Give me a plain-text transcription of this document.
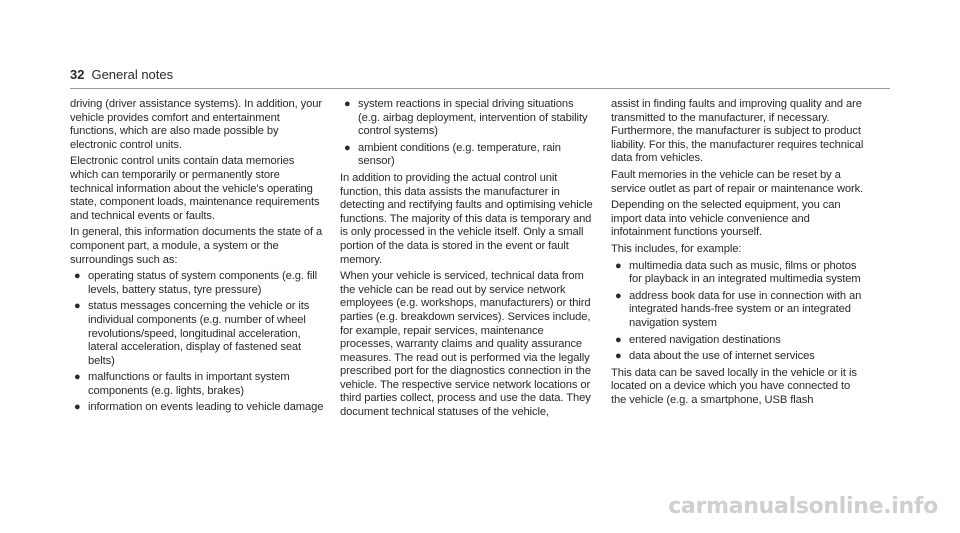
32 General notes

driving (driver assistance systems). In addition, your vehicle provides comfort and entertainment functions, which are also made possible by electronic control units.

Electronic control units contain data memories which can temporarily or permanently store technical information about the vehicle's operating state, component loads, maintenance requirements and technical events or faults.

In general, this information documents the state of a component part, a module, a system or the surroundings such as:

● operating status of system components (e.g. fill levels, battery status, tyre pressure)
● status messages concerning the vehicle or its individual components (e.g. number of wheel revolutions/speed, longitudinal acceleration, lateral acceleration, display of fastened seat belts)
● malfunctions or faults in important system components (e.g. lights, brakes)
● information on events leading to vehicle damage
● system reactions in special driving situations (e.g. airbag deployment, intervention of stability control systems)
● ambient conditions (e.g. temperature, rain sensor)

In addition to providing the actual control unit function, this data assists the manufacturer in detecting and rectifying faults and optimising vehicle functions. The majority of this data is temporary and is only processed in the vehicle itself. Only a small portion of the data is stored in the event or fault memory.

When your vehicle is serviced, technical data from the vehicle can be read out by service network employees (e.g. workshops, manufacturers) or third parties (e.g. breakdown services). Services include, for example, repair services, maintenance processes, warranty claims and quality assurance measures. The read out is performed via the legally prescribed port for the diagnostics connection in the vehicle. The respective service network locations or third parties collect, process and use the data. They document technical statuses of the vehicle,

assist in finding faults and improving quality and are transmitted to the manufacturer, if necessary. Furthermore, the manufacturer is subject to product liability. For this, the manufacturer requires technical data from vehicles.

Fault memories in the vehicle can be reset by a service outlet as part of repair or maintenance work.

Depending on the selected equipment, you can import data into vehicle convenience and infotainment functions yourself.

This includes, for example:

● multimedia data such as music, films or photos for playback in an integrated multimedia system
● address book data for use in connection with an integrated hands-free system or an integrated navigation system
● entered navigation destinations
● data about the use of internet services

This data can be saved locally in the vehicle or it is located on a device which you have connected to the vehicle (e.g. a smartphone, USB flash

carmanualsonline.info
